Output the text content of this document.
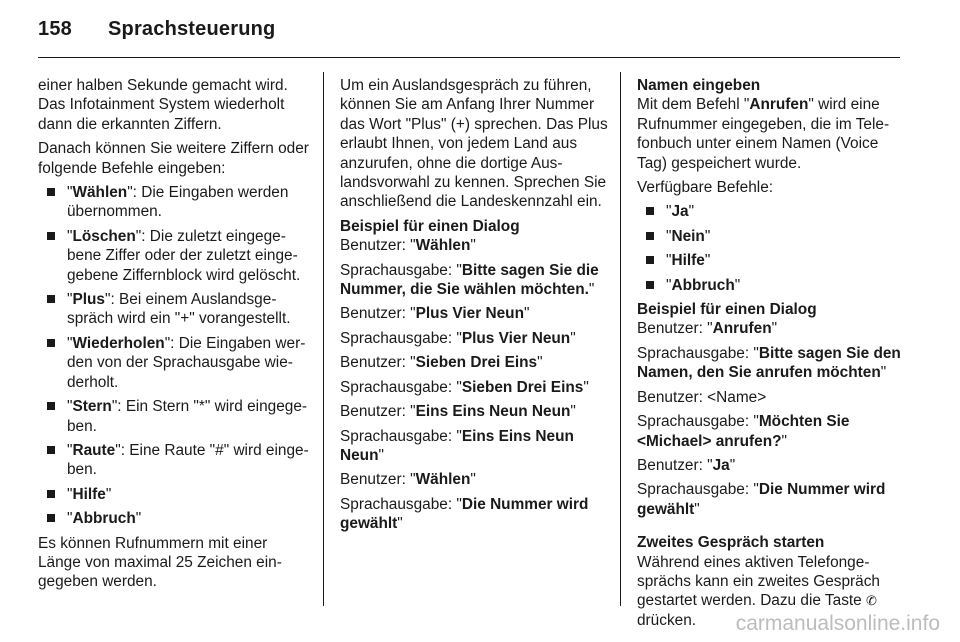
158 Sprachsteuerung

einer halben Sekunde gemacht wird. Das Infotainment System wiederholt dann die erkannten Ziffern.

Danach können Sie weitere Ziffern oder folgende Befehle eingeben:

"Wählen": Die Eingaben werden übernommen.
"Löschen": Die zuletzt eingegebene Ziffer oder der zuletzt eingegebene Ziffernblock wird gelöscht.
"Plus": Bei einem Auslandsgespräch wird ein "+" vorangestellt.
"Wiederholen": Die Eingaben werden von der Sprachausgabe wiederholt.
"Stern": Ein Stern "*" wird eingegeben.
"Raute": Eine Raute "#" wird eingeben.
"Hilfe"
"Abbruch"

Es können Rufnummern mit einer Länge von maximal 25 Zeichen eingegeben werden.

Um ein Auslandsgespräch zu führen, können Sie am Anfang Ihrer Nummer das Wort "Plus" (+) sprechen. Das Plus erlaubt Ihnen, von jedem Land aus anzurufen, ohne die dortige Auslandsvorwahl zu kennen. Sprechen Sie anschließend die Landeskennzahl ein.

Beispiel für einen Dialog

Benutzer: "Wählen"

Sprachausgabe: "Bitte sagen Sie die Nummer, die Sie wählen möchten."

Benutzer: "Plus Vier Neun"

Sprachausgabe: "Plus Vier Neun"

Benutzer: "Sieben Drei Eins"

Sprachausgabe: "Sieben Drei Eins"

Benutzer: "Eins Eins Neun Neun"

Sprachausgabe: "Eins Eins Neun Neun"

Benutzer: "Wählen"

Sprachausgabe: "Die Nummer wird gewählt"

Namen eingeben

Mit dem Befehl "Anrufen" wird eine Rufnummer eingegeben, die im Telefonbuch unter einem Namen (Voice Tag) gespeichert wurde.

Verfügbare Befehle:

"Ja"
"Nein"
"Hilfe"
"Abbruch"

Beispiel für einen Dialog

Benutzer: "Anrufen"

Sprachausgabe: "Bitte sagen Sie den Namen, den Sie anrufen möchten"

Benutzer: <Name>

Sprachausgabe: "Möchten Sie <Michael> anrufen?"

Benutzer: "Ja"

Sprachausgabe: "Die Nummer wird gewählt"

Zweites Gespräch starten

Während eines aktiven Telefongesprächs kann ein zweites Gespräch gestartet werden. Dazu die Taste ✆
drücken.	carmanualsonline.info
